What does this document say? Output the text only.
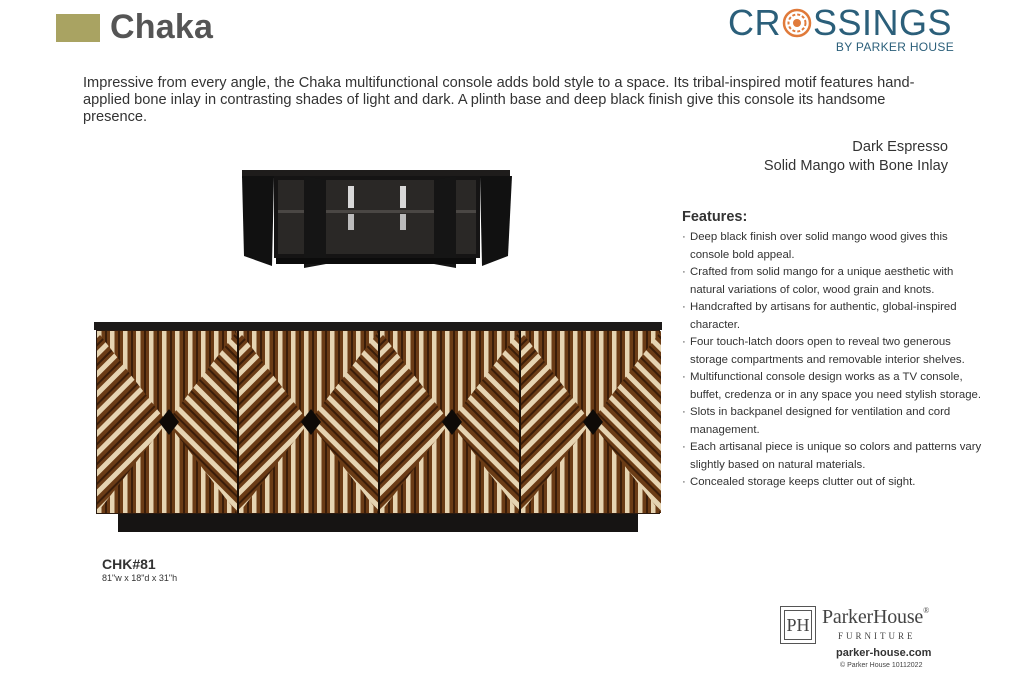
Chaka	CR SSINGS
BY PARKER HOUSE

Impressive from every angle, the Chaka multifunctional console adds bold style to a space. Its tribal-inspired motif features hand-applied bone inlay in contrasting shades of light and dark. A plinth base and deep black finish give this console its handsome presence.

Dark Espresso
Solid Mango with Bone Inlay
Features:
· Deep black finish over solid mango wood gives this console bold appeal.
· Crafted from solid mango for a unique aesthetic with natural variations of color, wood grain and knots.
· Handcrafted by artisans for authentic, global-inspired character.
· Four touch-latch doors open to reveal two generous storage compartments and removable interior shelves.
· Multifunctional console design works as a TV console, buffet, credenza or in any space you need stylish storage.
· Slots in backpanel designed for ventilation and cord management.
· Each artisanal piece is unique so colors and patterns vary slightly based on natural materials.
· Concealed storage keeps clutter out of sight.
CHK#81
81"w x 18"d x 31"h
PH ParkerHouse®
FURNITURE
parker-house.com
© Parker House 10112022
